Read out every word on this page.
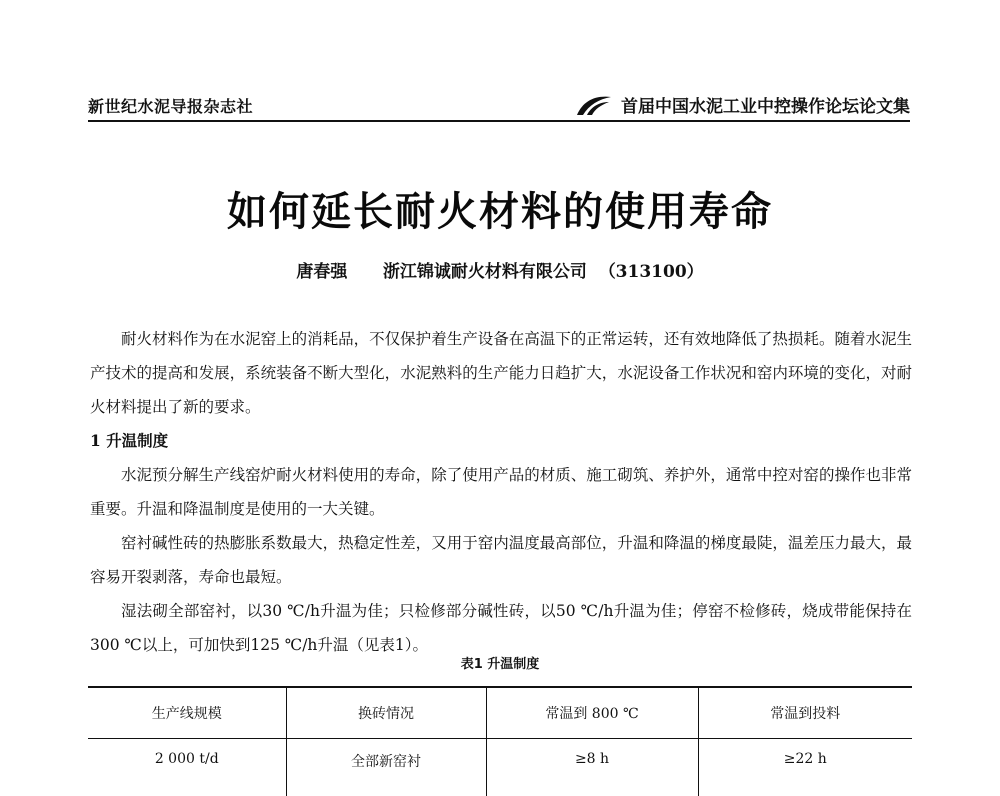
新世纪水泥导报杂志社	首届中国水泥工业中控操作论坛论文集
如何延长耐火材料的使用寿命
唐春强 浙江锦诚耐火材料有限公司 （313100）

耐火材料作为在水泥窑上的消耗品，不仅保护着生产设备在高温下的正常运转，还有效地降低了热损耗。随着水泥生产技术的提高和发展，系统装备不断大型化，水泥熟料的生产能力日趋扩大，水泥设备工作状况和窑内环境的变化，对耐火材料提出了新的要求。

1 升温制度

水泥预分解生产线窑炉耐火材料使用的寿命，除了使用产品的材质、施工砌筑、养护外，通常中控对窑的操作也非常重要。升温和降温制度是使用的一大关键。

窑衬碱性砖的热膨胀系数最大，热稳定性差，又用于窑内温度最高部位，升温和降温的梯度最陡，温差压力最大，最容易开裂剥落，寿命也最短。

湿法砌全部窑衬，以30 ℃/h升温为佳；只检修部分碱性砖，以50 ℃/h升温为佳；停窑不检修砖，烧成带能保持在300 ℃以上，可加快到125 ℃/h升温（见表1）。

表1 升温制度
生产线规模	换砖情况	常温到 800 ℃	常温到投料
2 000 t/d	全部新窑衬	≥8 h	≥22 h
